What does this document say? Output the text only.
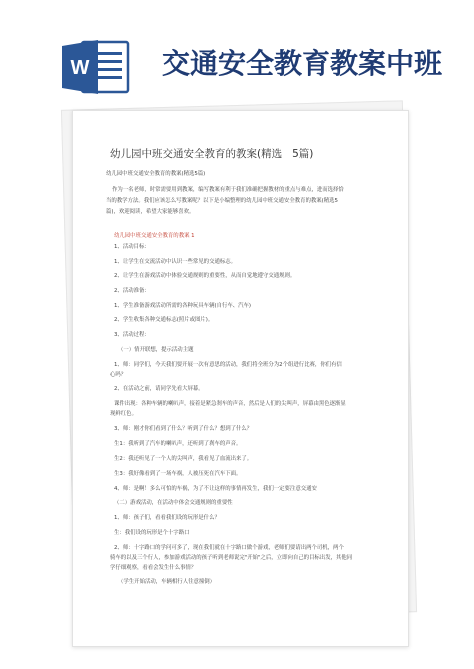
W	交通安全教育教案中班

幼儿园中班交通安全教育的教案(精选 5篇)
幼儿园中班交通安全教育的教案(精选5篇)
作为一名老师，时常需要用到教案，编写教案有利于我们准确把握教材的重点与难点，进而选择恰
当的教学方法。我们应该怎么写教案呢？以下是小编整理的幼儿园中班交通安全教育的教案(精选5
篇)，欢迎阅读，希望大家能够喜欢。
幼儿园中班交通安全教育的教案 1
1、活动目标：
1、让学生在交流活动中认识一些常见的交通标志。
2、让学生在游戏活动中体验交通规则的重要性，从而自觉地遵守交通规则。
2、活动准备：
1、学生准备游戏活动所需的各种玩具车辆(自行车、汽车)
2、学生收集各种交通标志(照片或图片)。
3、活动过程：
（一）情开联想，提示活动主题
1、师：同学们，今天我们要开展一次有意思的活动，我们将全班分为2个组进行比赛，你们有信
心吗？
2、在活动之前，请同学先看大屏幕。
课件出现：各种车辆的喇叭声，接着是紧急刹车的声音，然后是人们的尖叫声，屏幕由黑色逐渐显
现鲜红色。
3、师：刚才你们看到了什么？听到了什么？想到了什么？
生1：我听到了汽车的喇叭声，还听到了刹车的声音。
生2：我还听见了一个人的尖叫声，我看见了血流出来了。
生3：我好像看到了一场车祸，人被压死在汽车下面。
4、师：是啊！多么可怕的车祸，为了不让这样的事情再发生，我们一定要注意交通安
（二）游戏活动，在活动中体会交通规则的重要性
1、师：孩子们，看看我们设的玩形是什么？
生：我们设的玩形是个十字路口
2、师：十字路口的学问可多了，现在我们就在十字路口做个游戏，老师们要请出两个司机，两个
骑车的以及三个行人，参加游戏活动的孩子听到老师说完"开始"之后，立即向自己的目标出发，其他同
学仔细观察，看看会发生什么事情？
（学生开始活动，车辆相行人往意撞倒）
